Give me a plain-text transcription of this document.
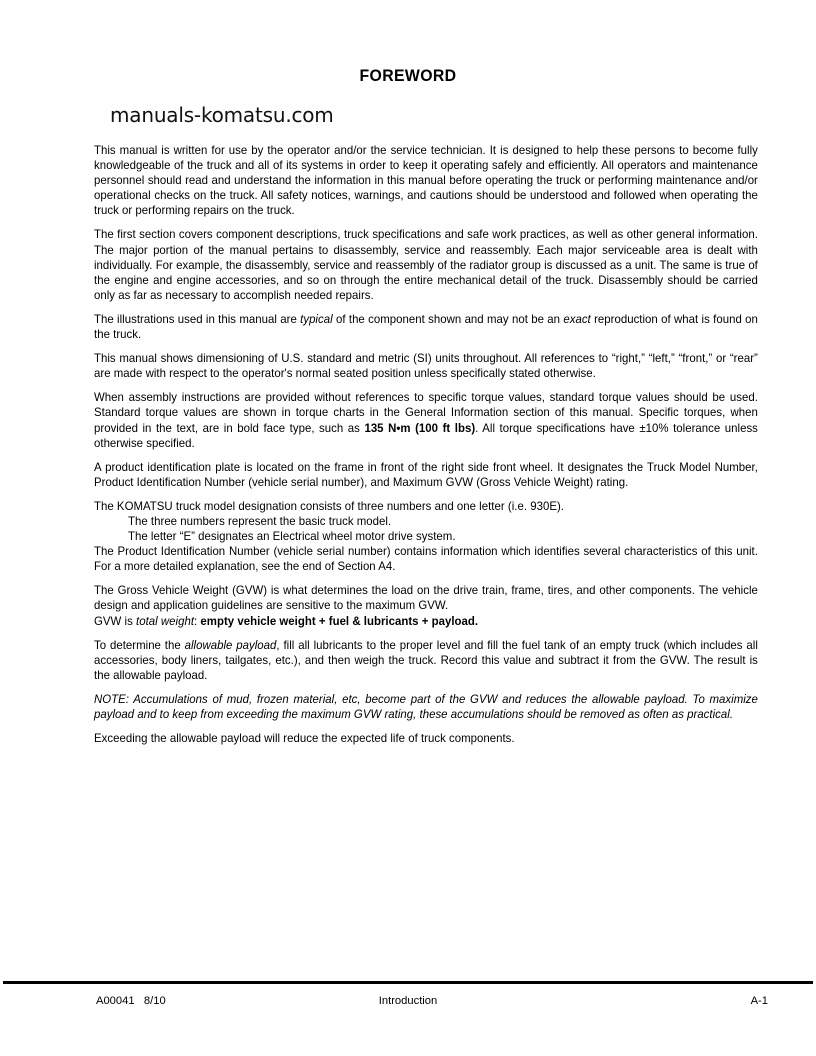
FOREWORD
manuals-komatsu.com

This manual is written for use by the operator and/or the service technician. It is designed to help these persons to become fully knowledgeable of the truck and all of its systems in order to keep it operating safely and efficiently. All operators and maintenance personnel should read and understand the information in this manual before operating the truck or performing maintenance and/or operational checks on the truck. All safety notices, warnings, and cautions should be understood and followed when operating the truck or performing repairs on the truck.

The first section covers component descriptions, truck specifications and safe work practices, as well as other general information. The major portion of the manual pertains to disassembly, service and reassembly. Each major serviceable area is dealt with individually. For example, the disassembly, service and reassembly of the radiator group is discussed as a unit. The same is true of the engine and engine accessories, and so on through the entire mechanical detail of the truck. Disassembly should be carried only as far as necessary to accomplish needed repairs.

The illustrations used in this manual are typical of the component shown and may not be an exact reproduction of what is found on the truck.

This manual shows dimensioning of U.S. standard and metric (SI) units throughout. All references to “right,” “left,” “front,” or “rear” are made with respect to the operator's normal seated position unless specifically stated otherwise.

When assembly instructions are provided without references to specific torque values, standard torque values should be used. Standard torque values are shown in torque charts in the General Information section of this manual. Specific torques, when provided in the text, are in bold face type, such as 135 N•m (100 ft lbs). All torque specifications have ±10% tolerance unless otherwise specified.

A product identification plate is located on the frame in front of the right side front wheel. It designates the Truck Model Number, Product Identification Number (vehicle serial number), and Maximum GVW (Gross Vehicle Weight) rating.

The KOMATSU truck model designation consists of three numbers and one letter (i.e. 930E).

The three numbers represent the basic truck model.

The letter “E” designates an Electrical wheel motor drive system.

The Product Identification Number (vehicle serial number) contains information which identifies several characteristics of this unit. For a more detailed explanation, see the end of Section A4.

The Gross Vehicle Weight (GVW) is what determines the load on the drive train, frame, tires, and other components. The vehicle design and application guidelines are sensitive to the maximum GVW.

GVW is total weight: empty vehicle weight + fuel & lubricants + payload.

To determine the allowable payload, fill all lubricants to the proper level and fill the fuel tank of an empty truck (which includes all accessories, body liners, tailgates, etc.), and then weigh the truck. Record this value and subtract it from the GVW. The result is the allowable payload.

NOTE: Accumulations of mud, frozen material, etc, become part of the GVW and reduces the allowable payload. To maximize payload and to keep from exceeding the maximum GVW rating, these accumulations should be removed as often as practical.

Exceeding the allowable payload will reduce the expected life of truck components.

A00041   8/10	Introduction	A-1
